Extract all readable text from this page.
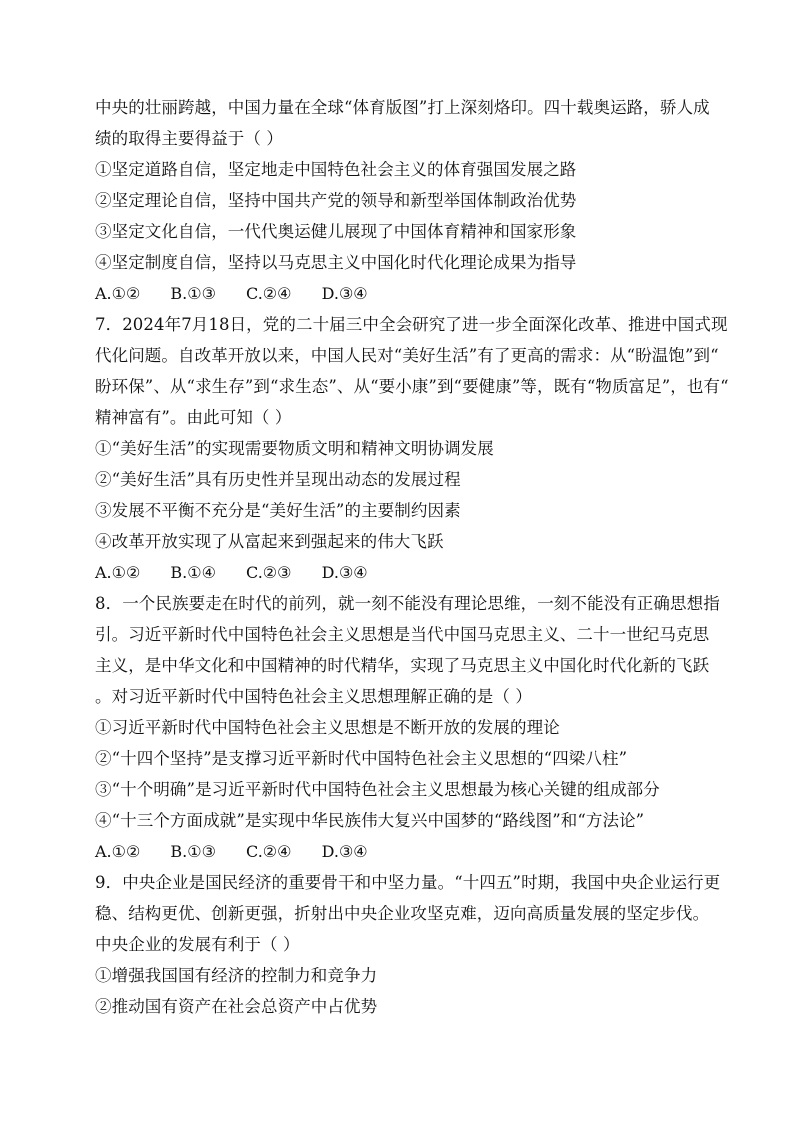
中央的壮丽跨越，中国力量在全球“体育版图”打上深刻烙印。四十载奥运路，骄人成
绩的取得主要得益于（ ）
①坚定道路自信，坚定地走中国特色社会主义的体育强国发展之路
②坚定理论自信，坚持中国共产党的领导和新型举国体制政治优势
③坚定文化自信，一代代奥运健儿展现了中国体育精神和国家形象
④坚定制度自信，坚持以马克思主义中国化时代化理论成果为指导
A.①② B.①③ C.②④ D.③④
7．2024年7月18日，党的二十届三中全会研究了进一步全面深化改革、推进中国式现
代化问题。自改革开放以来，中国人民对“美好生活”有了更高的需求：从“盼温饱”到“
盼环保”、从“求生存”到“求生态”、从“要小康”到“要健康”等，既有“物质富足”，也有“
精神富有”。由此可知（ ）
①“美好生活”的实现需要物质文明和精神文明协调发展
②“美好生活”具有历史性并呈现出动态的发展过程
③发展不平衡不充分是“美好生活”的主要制约因素
④改革开放实现了从富起来到强起来的伟大飞跃
A.①② B.①④ C.②③ D.③④
8．一个民族要走在时代的前列，就一刻不能没有理论思维，一刻不能没有正确思想指
引。习近平新时代中国特色社会主义思想是当代中国马克思主义、二十一世纪马克思
主义，是中华文化和中国精神的时代精华，实现了马克思主义中国化时代化新的飞跃
。对习近平新时代中国特色社会主义思想理解正确的是（ ）
①习近平新时代中国特色社会主义思想是不断开放的发展的理论
②“十四个坚持”是支撑习近平新时代中国特色社会主义思想的“四梁八柱”
③“十个明确”是习近平新时代中国特色社会主义思想最为核心关键的组成部分
④“十三个方面成就”是实现中华民族伟大复兴中国梦的“路线图”和“方法论”
A.①② B.①③ C.②④ D.③④
9．中央企业是国民经济的重要骨干和中坚力量。“十四五”时期，我国中央企业运行更
稳、结构更优、创新更强，折射出中央企业攻坚克难，迈向高质量发展的坚定步伐。
中央企业的发展有利于（ ）
①增强我国国有经济的控制力和竞争力
②推动国有资产在社会总资产中占优势
